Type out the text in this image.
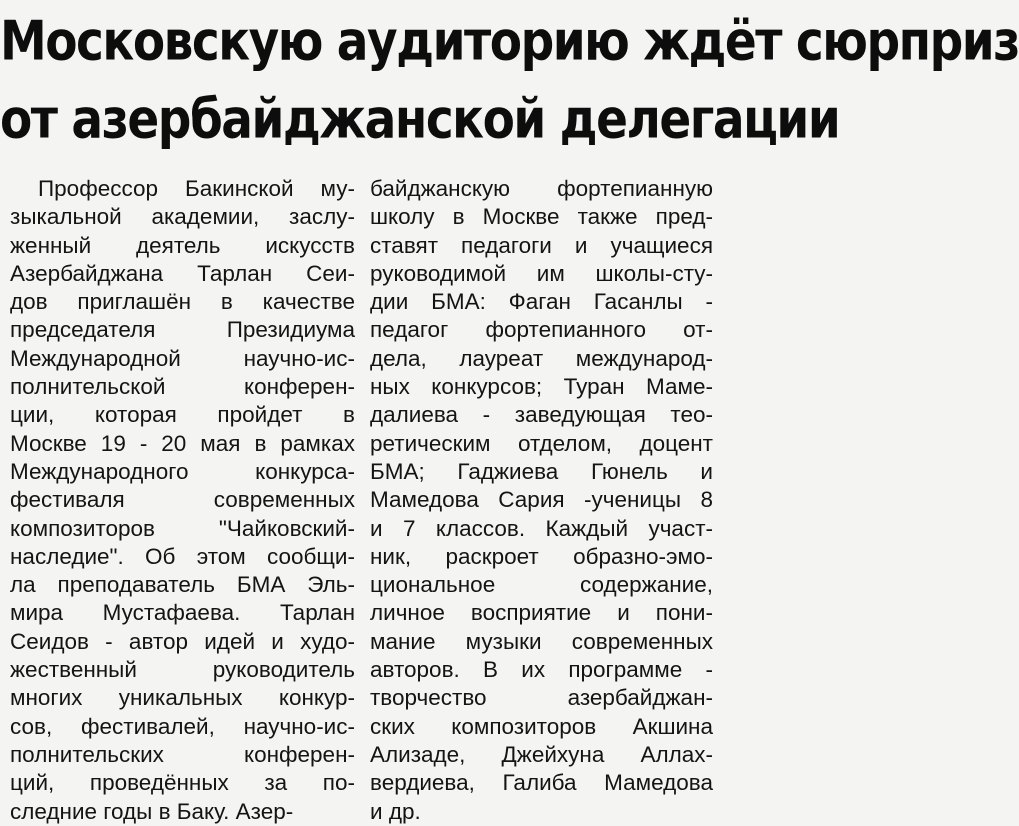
Московскую аудиторию ждёт сюрприз
от азербайджанской делегации
Профессор Бакинской му-
зыкальной академии, заслу-
женный деятель искусств
Азербайджана Тарлан Сеи-
дов приглашён в качестве
председателя Президиума
Международной научно-ис-
полнительской конферен-
ции, которая пройдет в
Москве 19 - 20 мая в рамках
Международного конкурса-
фестиваля современных
композиторов "Чайковский-
наследие". Об этом сообщи-
ла преподаватель БМА Эль-
мира Мустафаева. Тарлан
Сеидов - автор идей и худо-
жественный руководитель
многих уникальных конкур-
сов, фестивалей, научно-ис-
полнительских конферен-
ций, проведённых за по-
следние годы в Баку. Азер-
байджанскую фортепианную
школу в Москве также пред-
ставят педагоги и учащиеся
руководимой им школы-сту-
дии БМА: Фаган Гасанлы -
педагог фортепианного от-
дела, лауреат международ-
ных конкурсов; Туран Маме-
далиева - заведующая тео-
ретическим отделом, доцент
БМА; Гаджиева Гюнель и
Мамедова Сария -ученицы 8
и 7 классов. Каждый участ-
ник, раскроет образно-эмо-
циональное содержание,
личное восприятие и пони-
мание музыки современных
авторов. В их программе -
творчество азербайджан-
ских композиторов Акшина
Ализаде, Джейхуна Аллах-
вердиева, Галиба Мамедова
и др.
